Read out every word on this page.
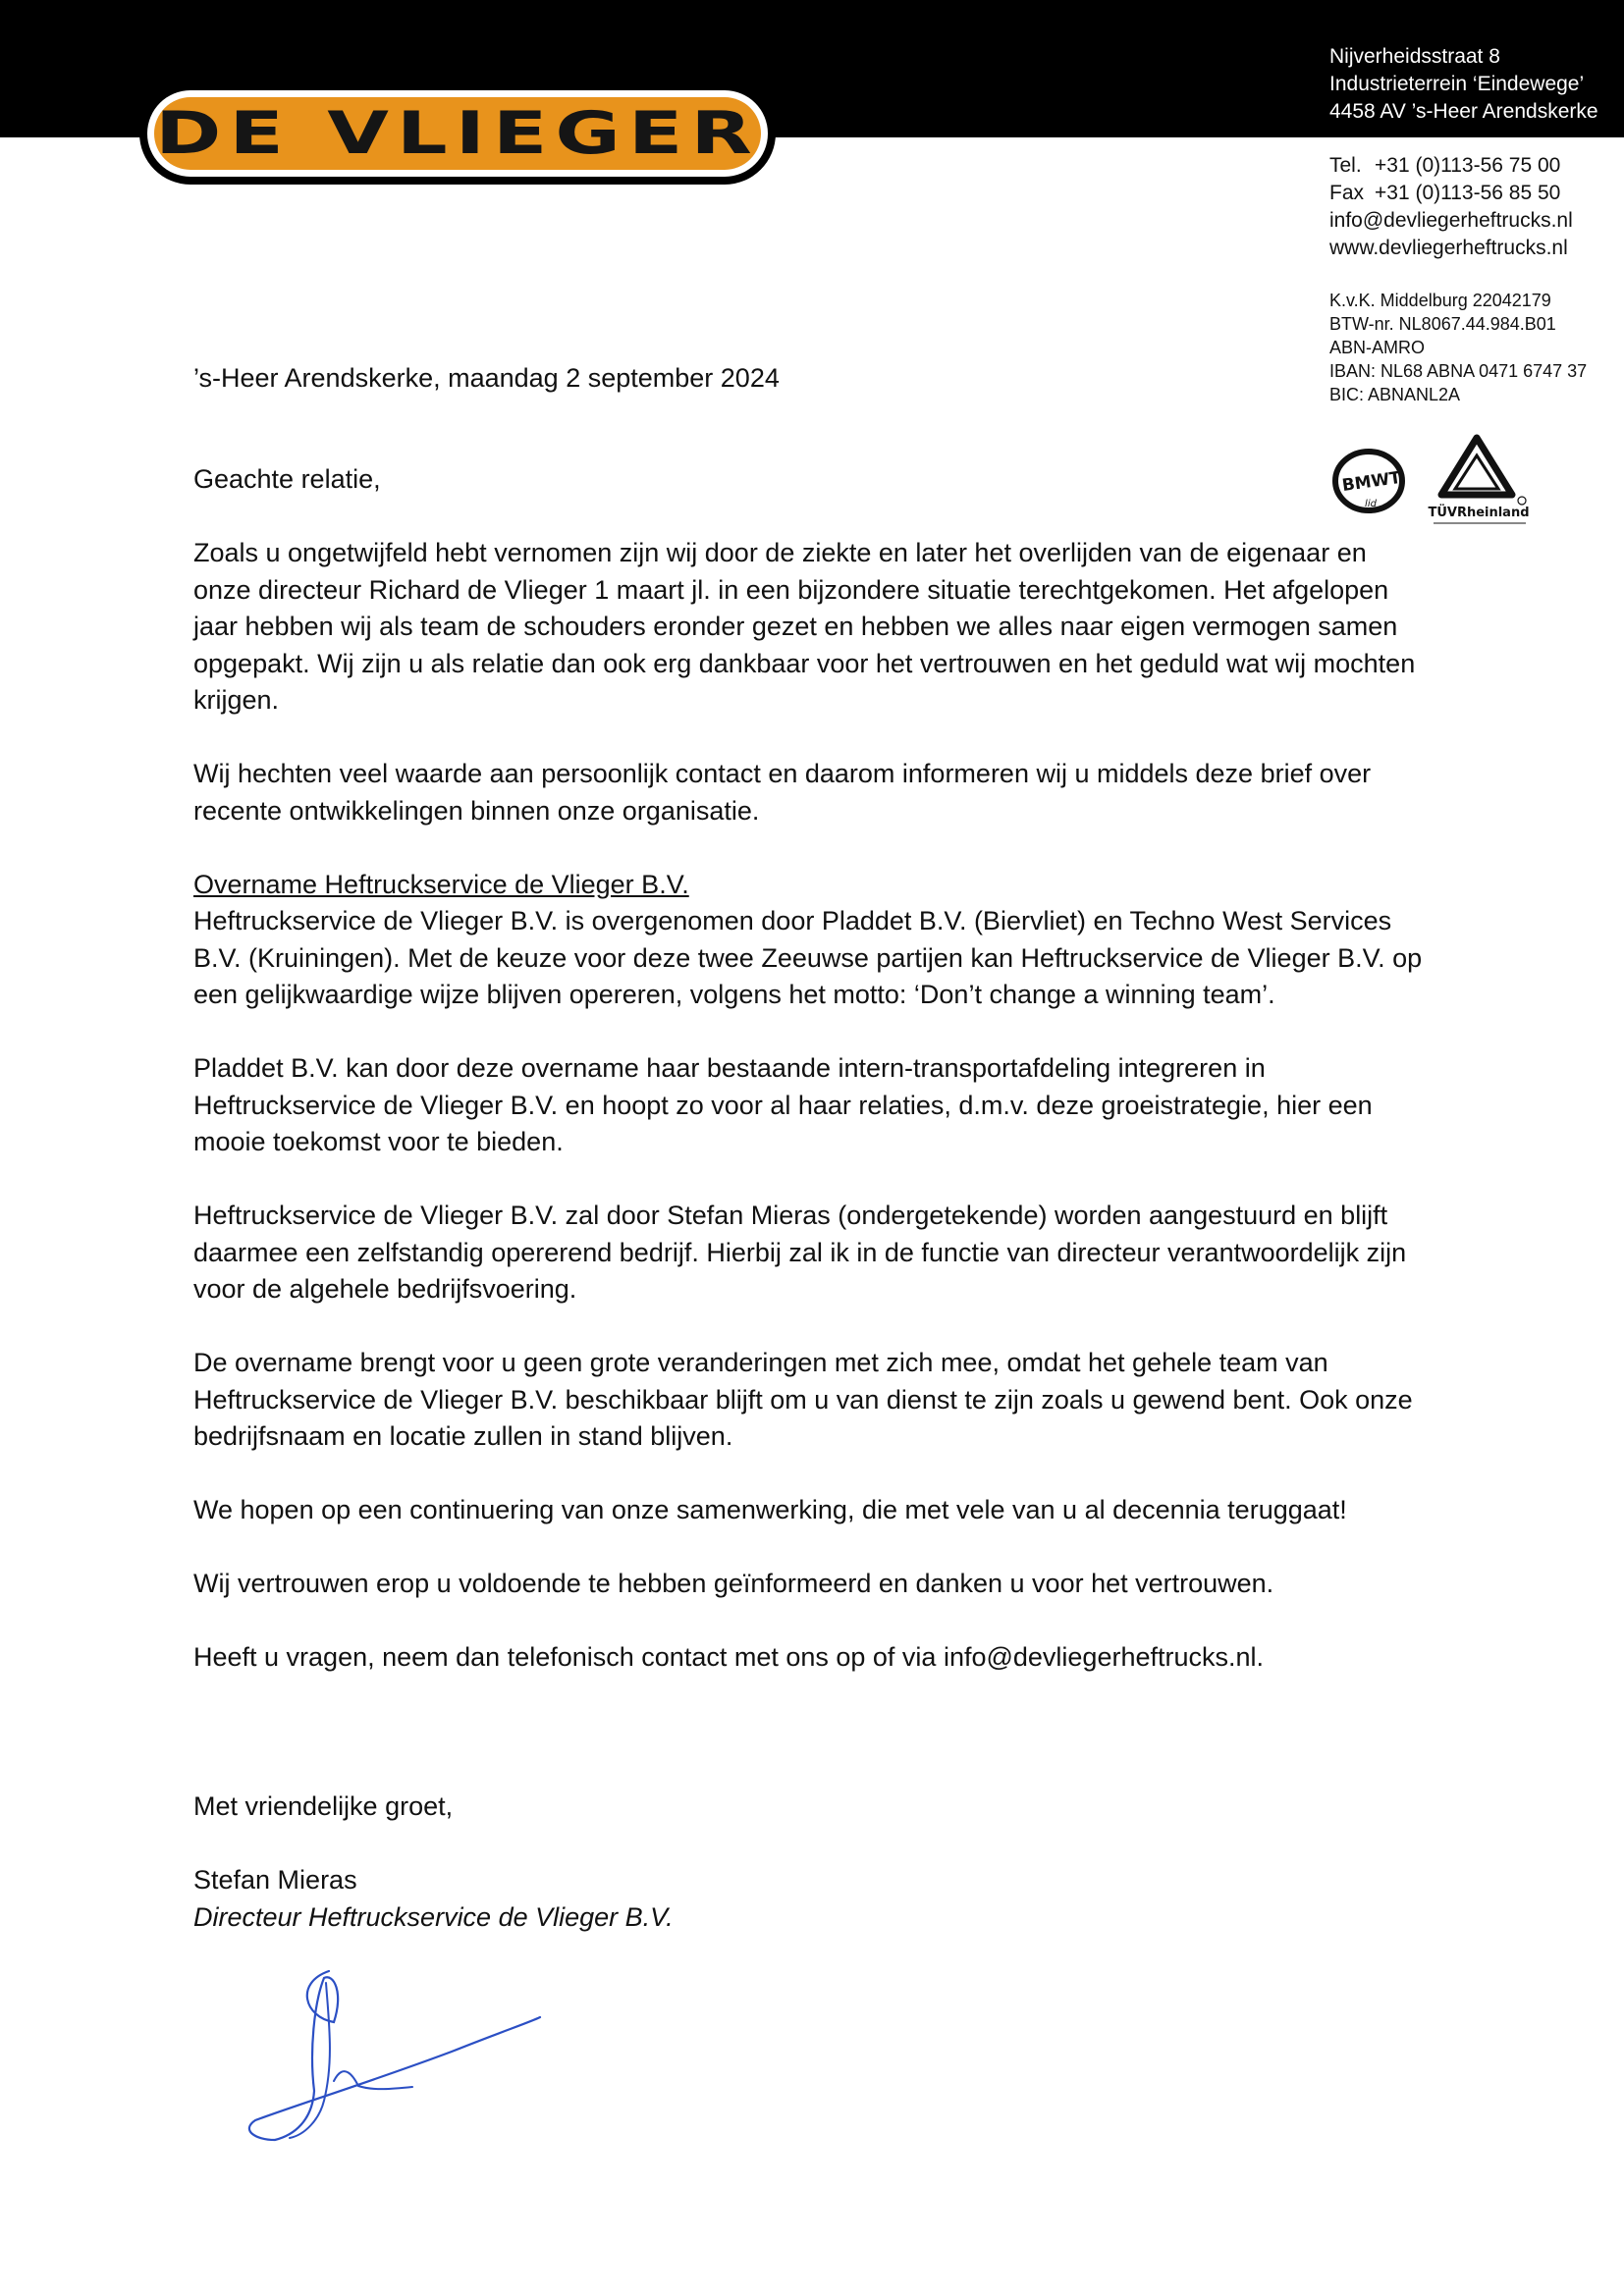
DE VLIEGER
Nijverheidsstraat 8
Industrieterrein ‘Eindewege’
4458 AV ’s-Heer Arendskerke
Tel. +31 (0)113-56 75 00
Fax +31 (0)113-56 85 50
info@devliegerheftrucks.nl
www.devliegerheftrucks.nl
K.v.K. Middelburg 22042179
BTW-nr. NL8067.44.984.B01
ABN-AMRO
IBAN: NL68 ABNA 0471 6747 37
BIC: ABNANL2A
BMWT
lid
TÜVRheinland
’s-Heer Arendskerke, maandag 2 september 2024

Geachte relatie,

Zoals u ongetwijfeld hebt vernomen zijn wij door de ziekte en later het overlijden van de eigenaar en onze directeur Richard de Vlieger 1 maart jl. in een bijzondere situatie terechtgekomen. Het afgelopen jaar hebben wij als team de schouders eronder gezet en hebben we alles naar eigen vermogen samen opgepakt. Wij zijn u als relatie dan ook erg dankbaar voor het vertrouwen en het geduld wat wij mochten krijgen.

Wij hechten veel waarde aan persoonlijk contact en daarom informeren wij u middels deze brief over recente ontwikkelingen binnen onze organisatie.

Overname Heftruckservice de Vlieger B.V.

Heftruckservice de Vlieger B.V. is overgenomen door Pladdet B.V. (Biervliet) en Techno West Services B.V. (Kruiningen). Met de keuze voor deze twee Zeeuwse partijen kan Heftruckservice de Vlieger B.V. op een gelijkwaardige wijze blijven opereren, volgens het motto: ‘Don’t change a winning team’.

Pladdet B.V. kan door deze overname haar bestaande intern-transportafdeling integreren in Heftruckservice de Vlieger B.V. en hoopt zo voor al haar relaties, d.m.v. deze groeistrategie, hier een mooie toekomst voor te bieden.

Heftruckservice de Vlieger B.V. zal door Stefan Mieras (ondergetekende) worden aangestuurd en blijft daarmee een zelfstandig opererend bedrijf. Hierbij zal ik in de functie van directeur verantwoordelijk zijn voor de algehele bedrijfsvoering.

De overname brengt voor u geen grote veranderingen met zich mee, omdat het gehele team van Heftruckservice de Vlieger B.V. beschikbaar blijft om u van dienst te zijn zoals u gewend bent. Ook onze bedrijfsnaam en locatie zullen in stand blijven.

We hopen op een continuering van onze samenwerking, die met vele van u al decennia teruggaat!

Wij vertrouwen erop u voldoende te hebben geïnformeerd en danken u voor het vertrouwen.

Heeft u vragen, neem dan telefonisch contact met ons op of via info@devliegerheftrucks.nl.

Met vriendelijke groet,

Stefan Mieras
Directeur Heftruckservice de Vlieger B.V.
